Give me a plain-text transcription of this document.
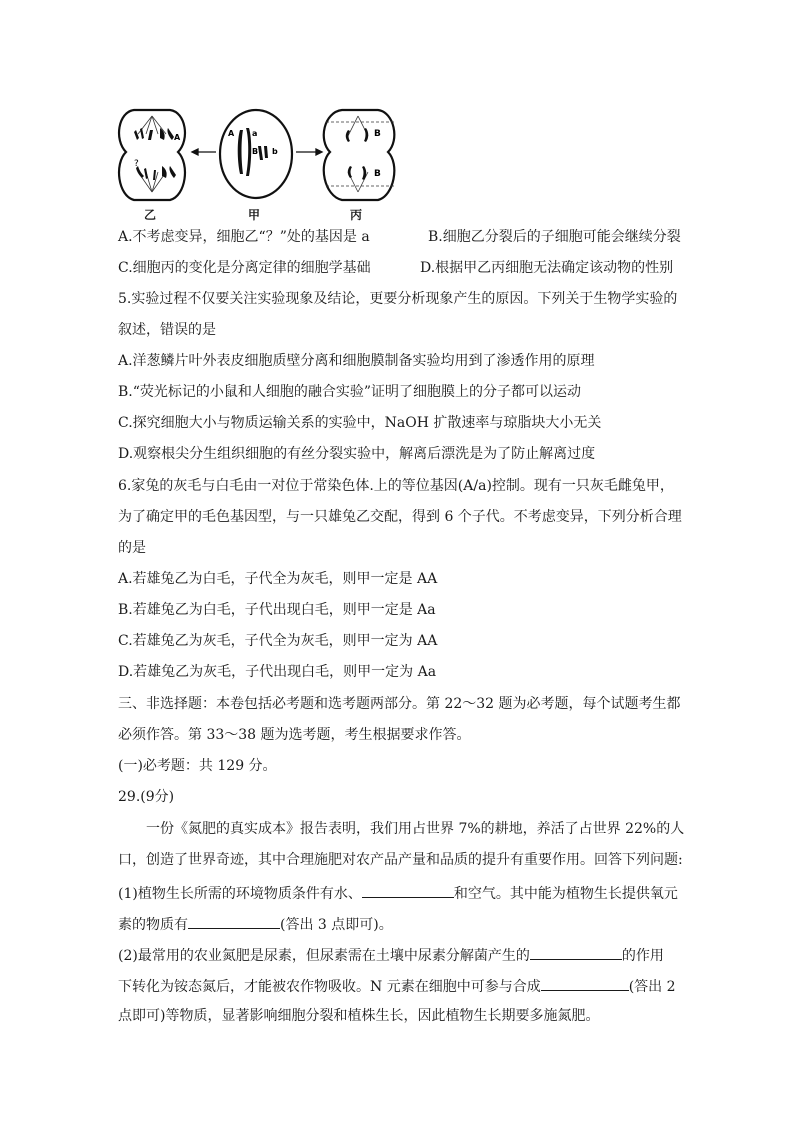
A
?
A a
B b
B
B
乙	甲	丙
A.不考虑变异，细胞乙“？”处的基因是 a	B.细胞乙分裂后的子细胞可能会继续分裂
C.细胞丙的变化是分离定律的细胞学基础	D.根据甲乙丙细胞无法确定该动物的性别
5.实验过程不仅要关注实验现象及结论，更要分析现象产生的原因。下列关于生物学实验的
叙述，错误的是
A.洋葱鳞片叶外表皮细胞质壁分离和细胞膜制备实验均用到了渗透作用的原理
B.“荧光标记的小鼠和人细胞的融合实验”证明了细胞膜上的分子都可以运动
C.探究细胞大小与物质运输关系的实验中，NaOH 扩散速率与琼脂块大小无关
D.观察根尖分生组织细胞的有丝分裂实验中，解离后漂洗是为了防止解离过度
6.家兔的灰毛与白毛由一对位于常染色体.上的等位基因(A/a)控制。现有一只灰毛雌兔甲，
为了确定甲的毛色基因型，与一只雄兔乙交配，得到 6 个子代。不考虑变异，下列分析合理
的是
A.若雄兔乙为白毛，子代全为灰毛，则甲一定是 AA
B.若雄兔乙为白毛，子代出现白毛，则甲一定是 Aa
C.若雄兔乙为灰毛，子代全为灰毛，则甲一定为 AA
D.若雄兔乙为灰毛，子代出现白毛，则甲一定为 Aa
三、非选择题：本卷包括必考题和选考题两部分。第 22～32 题为必考题，每个试题考生都
必须作答。第 33～38 题为选考题，考生根据要求作答。
(一)必考题：共 129 分。
29.(9分)
一份《氮肥的真实成本》报告表明，我们用占世界 7%的耕地，养活了占世界 22%的人
口，创造了世界奇迹，其中合理施肥对农产品产量和品质的提升有重要作用。回答下列问题:
(1)植物生长所需的环境物质条件有水、	和空气。其中能为植物生长提供氧元
素的物质有	(答出 3 点即可)。
(2)最常用的农业氮肥是尿素，但尿素需在土壤中尿素分解菌产生的	的作用
下转化为铵态氮后，才能被农作物吸收。N 元素在细胞中可参与合成	(答出 2
点即可)等物质，显著影响细胞分裂和植株生长，因此植物生长期要多施氮肥。
